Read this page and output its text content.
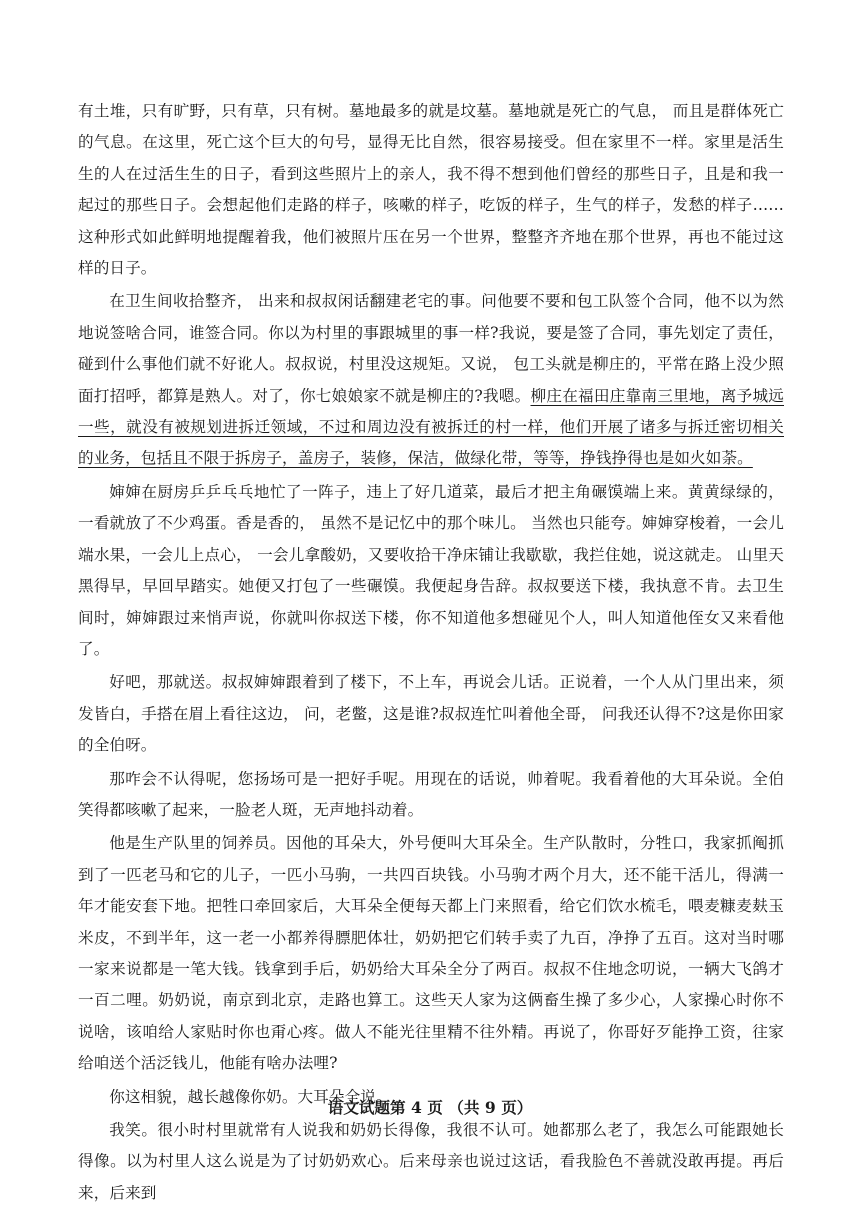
有土堆，只有旷野，只有草，只有树。墓地最多的就是坟墓。墓地就是死亡的气息， 而且是群体死亡的气息。在这里，死亡这个巨大的句号，显得无比自然，很容易接受。但在家里不一样。家里是活生生的人在过活生生的日子，看到这些照片上的亲人，我不得不想到他们曾经的那些日子，且是和我一起过的那些日子。会想起他们走路的样子，咳嗽的样子，吃饭的样子，生气的样子，发愁的样子……这种形式如此鲜明地提醒着我，他们被照片压在另一个世界，整整齐齐地在那个世界，再也不能过这样的日子。

在卫生间收拾整齐， 出来和叔叔闲话翻建老宅的事。问他要不要和包工队签个合同，他不以为然地说签啥合同，谁签合同。你以为村里的事跟城里的事一样?我说，要是签了合同，事先划定了责任，碰到什么事他们就不好讹人。叔叔说，村里没这规矩。又说， 包工头就是柳庄的，平常在路上没少照面打招呼，都算是熟人。对了，你七娘娘家不就是柳庄的?我嗯。柳庄在福田庄靠南三里地，离予城远一些，就没有被规划进拆迁领域，不过和周边没有被拆迁的村一样，他们开展了诸多与拆迁密切相关的业务，包括且不限于拆房子，盖房子，装修，保洁，做绿化带，等等，挣钱挣得也是如火如荼。

婶婶在厨房乒乒乓乓地忙了一阵子，违上了好几道菜，最后才把主角碾馍端上来。黄黄绿绿的，一看就放了不少鸡蛋。香是香的， 虽然不是记忆中的那个味儿。 当然也只能夸。婶婶穿梭着，一会儿端水果，一会儿上点心， 一会儿拿酸奶，又要收拾干净床铺让我歇歇，我拦住她，说这就走。 山里天黑得早，早回早踏实。她便又打包了一些碾馍。我便起身告辞。叔叔要送下楼，我执意不肯。去卫生间时，婶婶跟过来悄声说，你就叫你叔送下楼，你不知道他多想碰见个人，叫人知道他侄女又来看他了。

好吧，那就送。叔叔婶婶跟着到了楼下，不上车，再说会儿话。正说着，一个人从门里出来，须发皆白，手搭在眉上看往这边， 问，老鳖，这是谁?叔叔连忙叫着他全哥， 问我还认得不?这是你田家的全伯呀。

那咋会不认得呢，您扬场可是一把好手呢。用现在的话说，帅着呢。我看着他的大耳朵说。全伯笑得都咳嗽了起来，一脸老人斑，无声地抖动着。

他是生产队里的饲养员。因他的耳朵大，外号便叫大耳朵全。生产队散时，分牲口，我家抓阄抓到了一匹老马和它的儿子，一匹小马驹，一共四百块钱。小马驹才两个月大，还不能干活儿，得满一年才能安套下地。把牲口牵回家后，大耳朵全便每天都上门来照看，给它们饮水梳毛，喂麦糠麦麸玉米皮，不到半年，这一老一小都养得膘肥体壮，奶奶把它们转手卖了九百，净挣了五百。这对当时哪一家来说都是一笔大钱。钱拿到手后，奶奶给大耳朵全分了两百。叔叔不住地念叨说，一辆大飞鸽才一百二哩。奶奶说，南京到北京，走路也算工。这些天人家为这俩畜生操了多少心，人家操心时你不说啥，该咱给人家贴时你也甭心疼。做人不能光往里精不往外精。再说了，你哥好歹能挣工资，往家给咱送个活泛钱儿，他能有啥办法哩?

你这相貌，越长越像你奶。大耳朵全说。

我笑。很小时村里就常有人说我和奶奶长得像，我很不认可。她都那么老了，我怎么可能跟她长得像。以为村里人这么说是为了讨奶奶欢心。后来母亲也说过这话，看我脸色不善就没敢再提。再后来，后来到

语文试题第 4 页 （共 9 页）
